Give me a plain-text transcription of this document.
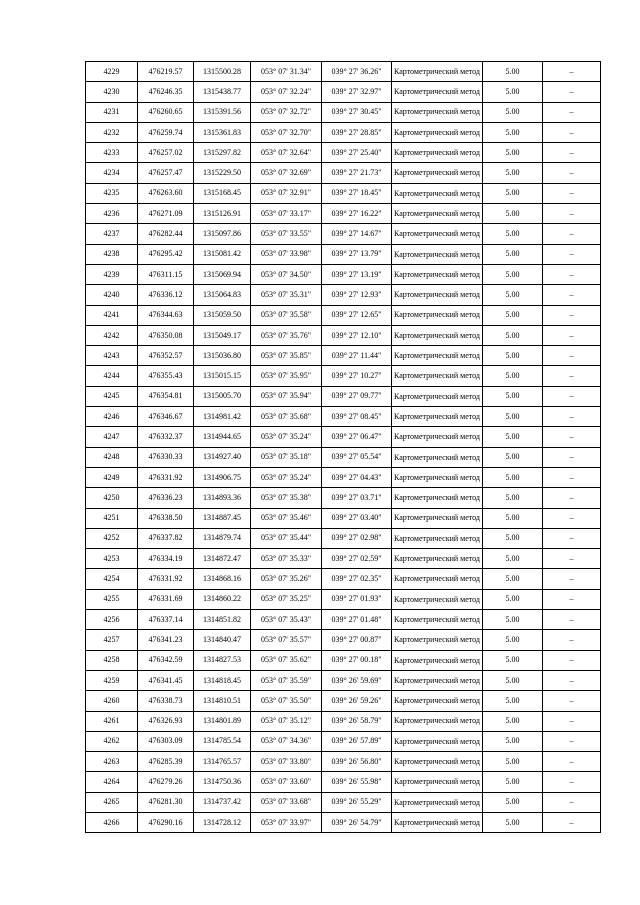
4229	476219.57	1315500.28	053° 07' 31.34"	039° 27' 36.26"	Картометрический метод	5.00	–
4230	476246.35	1315438.77	053° 07' 32.24"	039° 27' 32.97"	Картометрический метод	5.00	–
4231	476260.65	1315391.56	053° 07' 32.72"	039° 27' 30.45"	Картометрический метод	5.00	–
4232	476259.74	1315361.83	053° 07' 32.70"	039° 27' 28.85"	Картометрический метод	5.00	–
4233	476257.02	1315297.82	053° 07' 32.64"	039° 27' 25.40"	Картометрический метод	5.00	–
4234	476257.47	1315229.50	053° 07' 32.69"	039° 27' 21.73"	Картометрический метод	5.00	–
4235	476263.60	1315168.45	053° 07' 32.91"	039° 27' 18.45"	Картометрический метод	5.00	–
4236	476271.09	1315126.91	053° 07' 33.17"	039° 27' 16.22"	Картометрический метод	5.00	–
4237	476282.44	1315097.86	053° 07' 33.55"	039° 27' 14.67"	Картометрический метод	5.00	–
4238	476295.42	1315081.42	053° 07' 33.98"	039° 27' 13.79"	Картометрический метод	5.00	–
4239	476311.15	1315069.94	053° 07' 34.50"	039° 27' 13.19"	Картометрический метод	5.00	–
4240	476336.12	1315064.83	053° 07' 35.31"	039° 27' 12.93"	Картометрический метод	5.00	–
4241	476344.63	1315059.50	053° 07' 35.58"	039° 27' 12.65"	Картометрический метод	5.00	–
4242	476350.08	1315049.17	053° 07' 35.76"	039° 27' 12.10"	Картометрический метод	5.00	–
4243	476352.57	1315036.80	053° 07' 35.85"	039° 27' 11.44"	Картометрический метод	5.00	–
4244	476355.43	1315015.15	053° 07' 35.95"	039° 27' 10.27"	Картометрический метод	5.00	–
4245	476354.81	1315005.70	053° 07' 35.94"	039° 27' 09.77"	Картометрический метод	5.00	–
4246	476346.67	1314981.42	053° 07' 35.68"	039° 27' 08.45"	Картометрический метод	5.00	–
4247	476332.37	1314944.65	053° 07' 35.24"	039° 27' 06.47"	Картометрический метод	5.00	–
4248	476330.33	1314927.40	053° 07' 35.18"	039° 27' 05.54"	Картометрический метод	5.00	–
4249	476331.92	1314906.75	053° 07' 35.24"	039° 27' 04.43"	Картометрический метод	5.00	–
4250	476336.23	1314893.36	053° 07' 35.38"	039° 27' 03.71"	Картометрический метод	5.00	–
4251	476338.50	1314887.45	053° 07' 35.46"	039° 27' 03.40"	Картометрический метод	5.00	–
4252	476337.82	1314879.74	053° 07' 35.44"	039° 27' 02.98"	Картометрический метод	5.00	–
4253	476334.19	1314872.47	053° 07' 35.33"	039° 27' 02.59"	Картометрический метод	5.00	–
4254	476331.92	1314868.16	053° 07' 35.26"	039° 27' 02.35"	Картометрический метод	5.00	–
4255	476331.69	1314860.22	053° 07' 35.25"	039° 27' 01.93"	Картометрический метод	5.00	–
4256	476337.14	1314851.82	053° 07' 35.43"	039° 27' 01.48"	Картометрический метод	5.00	–
4257	476341.23	1314840.47	053° 07' 35.57"	039° 27' 00.87"	Картометрический метод	5.00	–
4258	476342.59	1314827.53	053° 07' 35.62"	039° 27' 00.18"	Картометрический метод	5.00	–
4259	476341.45	1314818.45	053° 07' 35.59"	039° 26' 59.69"	Картометрический метод	5.00	–
4260	476338.73	1314810.51	053° 07' 35.50"	039° 26' 59.26"	Картометрический метод	5.00	–
4261	476326.93	1314801.89	053° 07' 35.12"	039° 26' 58.79"	Картометрический метод	5.00	–
4262	476303.09	1314785.54	053° 07' 34.36"	039° 26' 57.89"	Картометрический метод	5.00	–
4263	476285.39	1314765.57	053° 07' 33.80"	039° 26' 56.80"	Картометрический метод	5.00	–
4264	476279.26	1314750.36	053° 07' 33.60"	039° 26' 55.98"	Картометрический метод	5.00	–
4265	476281.30	1314737.42	053° 07' 33.68"	039° 26' 55.29"	Картометрический метод	5.00	–
4266	476290.16	1314728.12	053° 07' 33.97"	039° 26' 54.79"	Картометрический метод	5.00	–
